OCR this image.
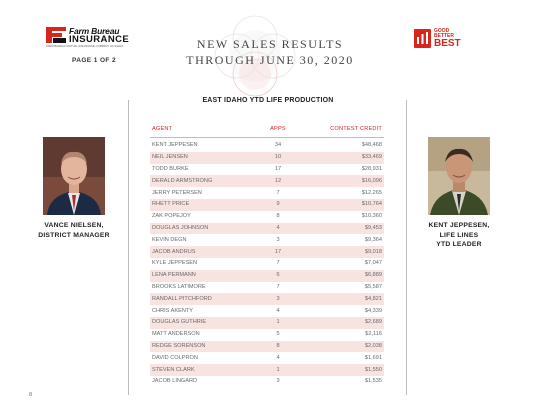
Farm Bureau
INSURANCE
FARM BUREAU MUTUAL INSURANCE COMPANY OF IDAHO
PAGE 1 OF 2
NEW SALES RESULTS
THROUGH JUNE 30, 2020
GOOD
BETTER
BEST
EAST IDAHO YTD LIFE PRODUCTION
AGENT	APPS	CONTEST CREDIT
KENT JEPPESEN	34	$48,468
NEIL JENSEN	10	$33,469
TODD BURKE	17	$28,931
DERALD ARMSTRONG	12	$16,096
JERRY PETERSEN	7	$12,265
RHETT PRICE	9	$10,764
ZAK POPEJOY	8	$10,360
DOUGLAS JOHNSON	4	$9,453
KEVIN DEGN	3	$9,364
JACOB ANDRUS	17	$9,018
KYLE JEPPESEN	7	$7,047
LENA PERMANN	6	$6,889
BROOKS LATIMORE	7	$5,587
RANDALL PITCHFORD	3	$4,821
CHRIS AKENTY	4	$4,339
DOUGLAS GUTHRIE	1	$2,689
MATT ANDERSON	5	$2,116
REDGE SORENSON	8	$2,038
DAVID COLPRON	4	$1,691
STEVEN CLARK	1	$1,550
JACOB LINGARD	3	$1,535
VANCE NIELSEN,
DISTRICT MANAGER
KENT JEPPESEN,
LIFE LINES
YTD LEADER
8
